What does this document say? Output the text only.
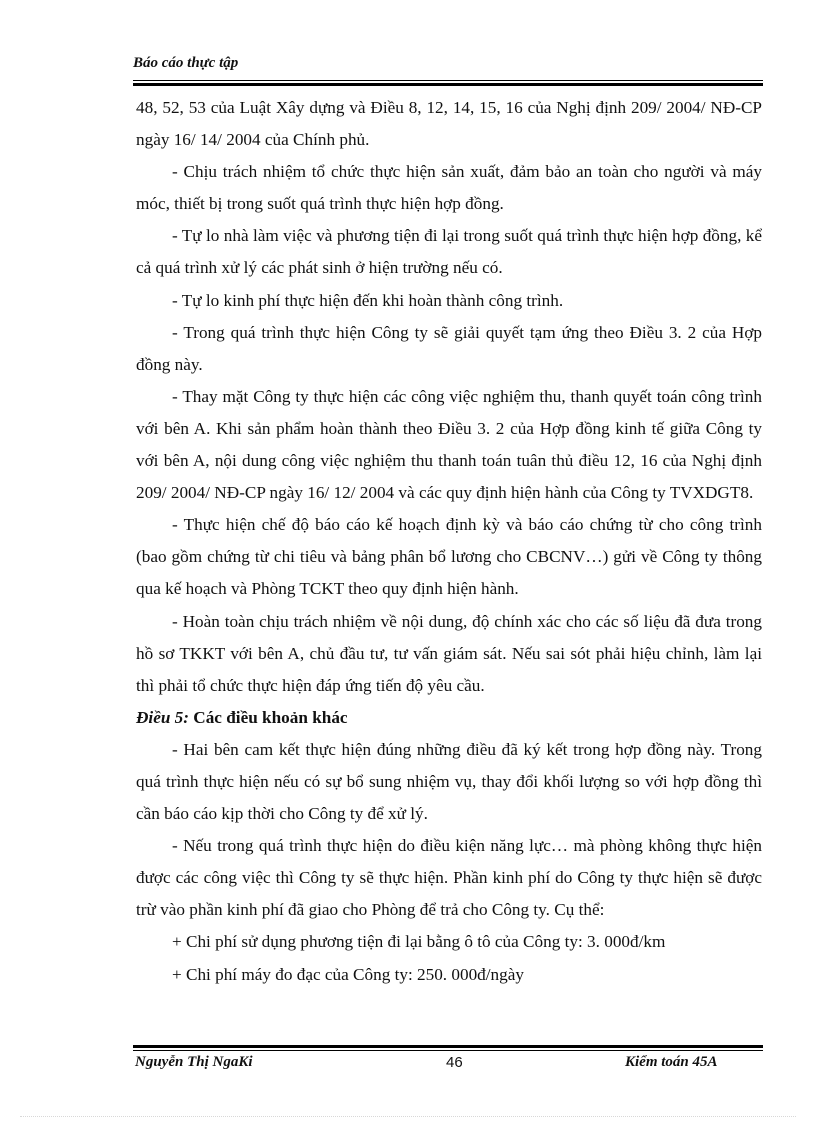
Báo cáo thực tập

48, 52, 53 của Luật Xây dựng và Điều 8, 12, 14, 15, 16 của Nghị định 209/ 2004/ NĐ-CP ngày 16/ 14/ 2004 của Chính phủ.

- Chịu trách nhiệm tổ chức thực hiện sản xuất, đảm bảo an toàn cho người và máy móc, thiết bị trong suốt quá trình thực hiện hợp đồng.

- Tự lo nhà làm việc và phương tiện đi lại trong suốt quá trình thực hiện hợp đồng, kể cả quá trình xử lý các phát sinh ở hiện trường nếu có.

- Tự lo kinh phí thực hiện đến khi hoàn thành công trình.

- Trong quá trình thực hiện Công ty sẽ giải quyết tạm ứng theo Điều 3. 2 của Hợp đồng này.

- Thay mặt Công ty thực hiện các công việc nghiệm thu, thanh quyết toán công trình với bên A. Khi sản phẩm hoàn thành theo Điều 3. 2 của Hợp đồng kinh tế giữa Công ty với bên A, nội dung công việc nghiệm thu thanh toán tuân thủ điều 12, 16 của Nghị định 209/ 2004/ NĐ-CP ngày 16/ 12/ 2004 và các quy định hiện hành của Công ty TVXDGT8.

- Thực hiện chế độ báo cáo kế hoạch định kỳ và báo cáo chứng từ cho công trình (bao gồm chứng từ chi tiêu và bảng phân bổ lương cho CBCNV…) gửi về Công ty thông qua kế hoạch và Phòng TCKT theo quy định hiện hành.

- Hoàn toàn chịu trách nhiệm về nội dung, độ chính xác cho các số liệu đã đưa trong hồ sơ TKKT với bên A, chủ đầu tư, tư vấn giám sát. Nếu sai sót phải hiệu chỉnh, làm lại thì phải tổ chức thực hiện đáp ứng tiến độ yêu cầu.

Điều 5: Các điều khoản khác

- Hai bên cam kết thực hiện đúng những điều đã ký kết trong hợp đồng này. Trong quá trình thực hiện nếu có sự bổ sung nhiệm vụ, thay đổi khối lượng so với hợp đồng thì cần báo cáo kịp thời cho Công ty để xử lý.

- Nếu trong quá trình thực hiện do điều kiện năng lực… mà phòng không thực hiện được các công việc thì Công ty sẽ thực hiện. Phần kinh phí do Công ty thực hiện sẽ được trừ vào phần kinh phí đã giao cho Phòng để trả cho Công ty. Cụ thể:

+ Chi phí sử dụng phương tiện đi lại bằng ô tô của Công ty: 3. 000đ/km

+ Chi phí máy đo đạc của Công ty: 250. 000đ/ngày

Nguyễn Thị NgaKi	46	Kiểm toán 45A
